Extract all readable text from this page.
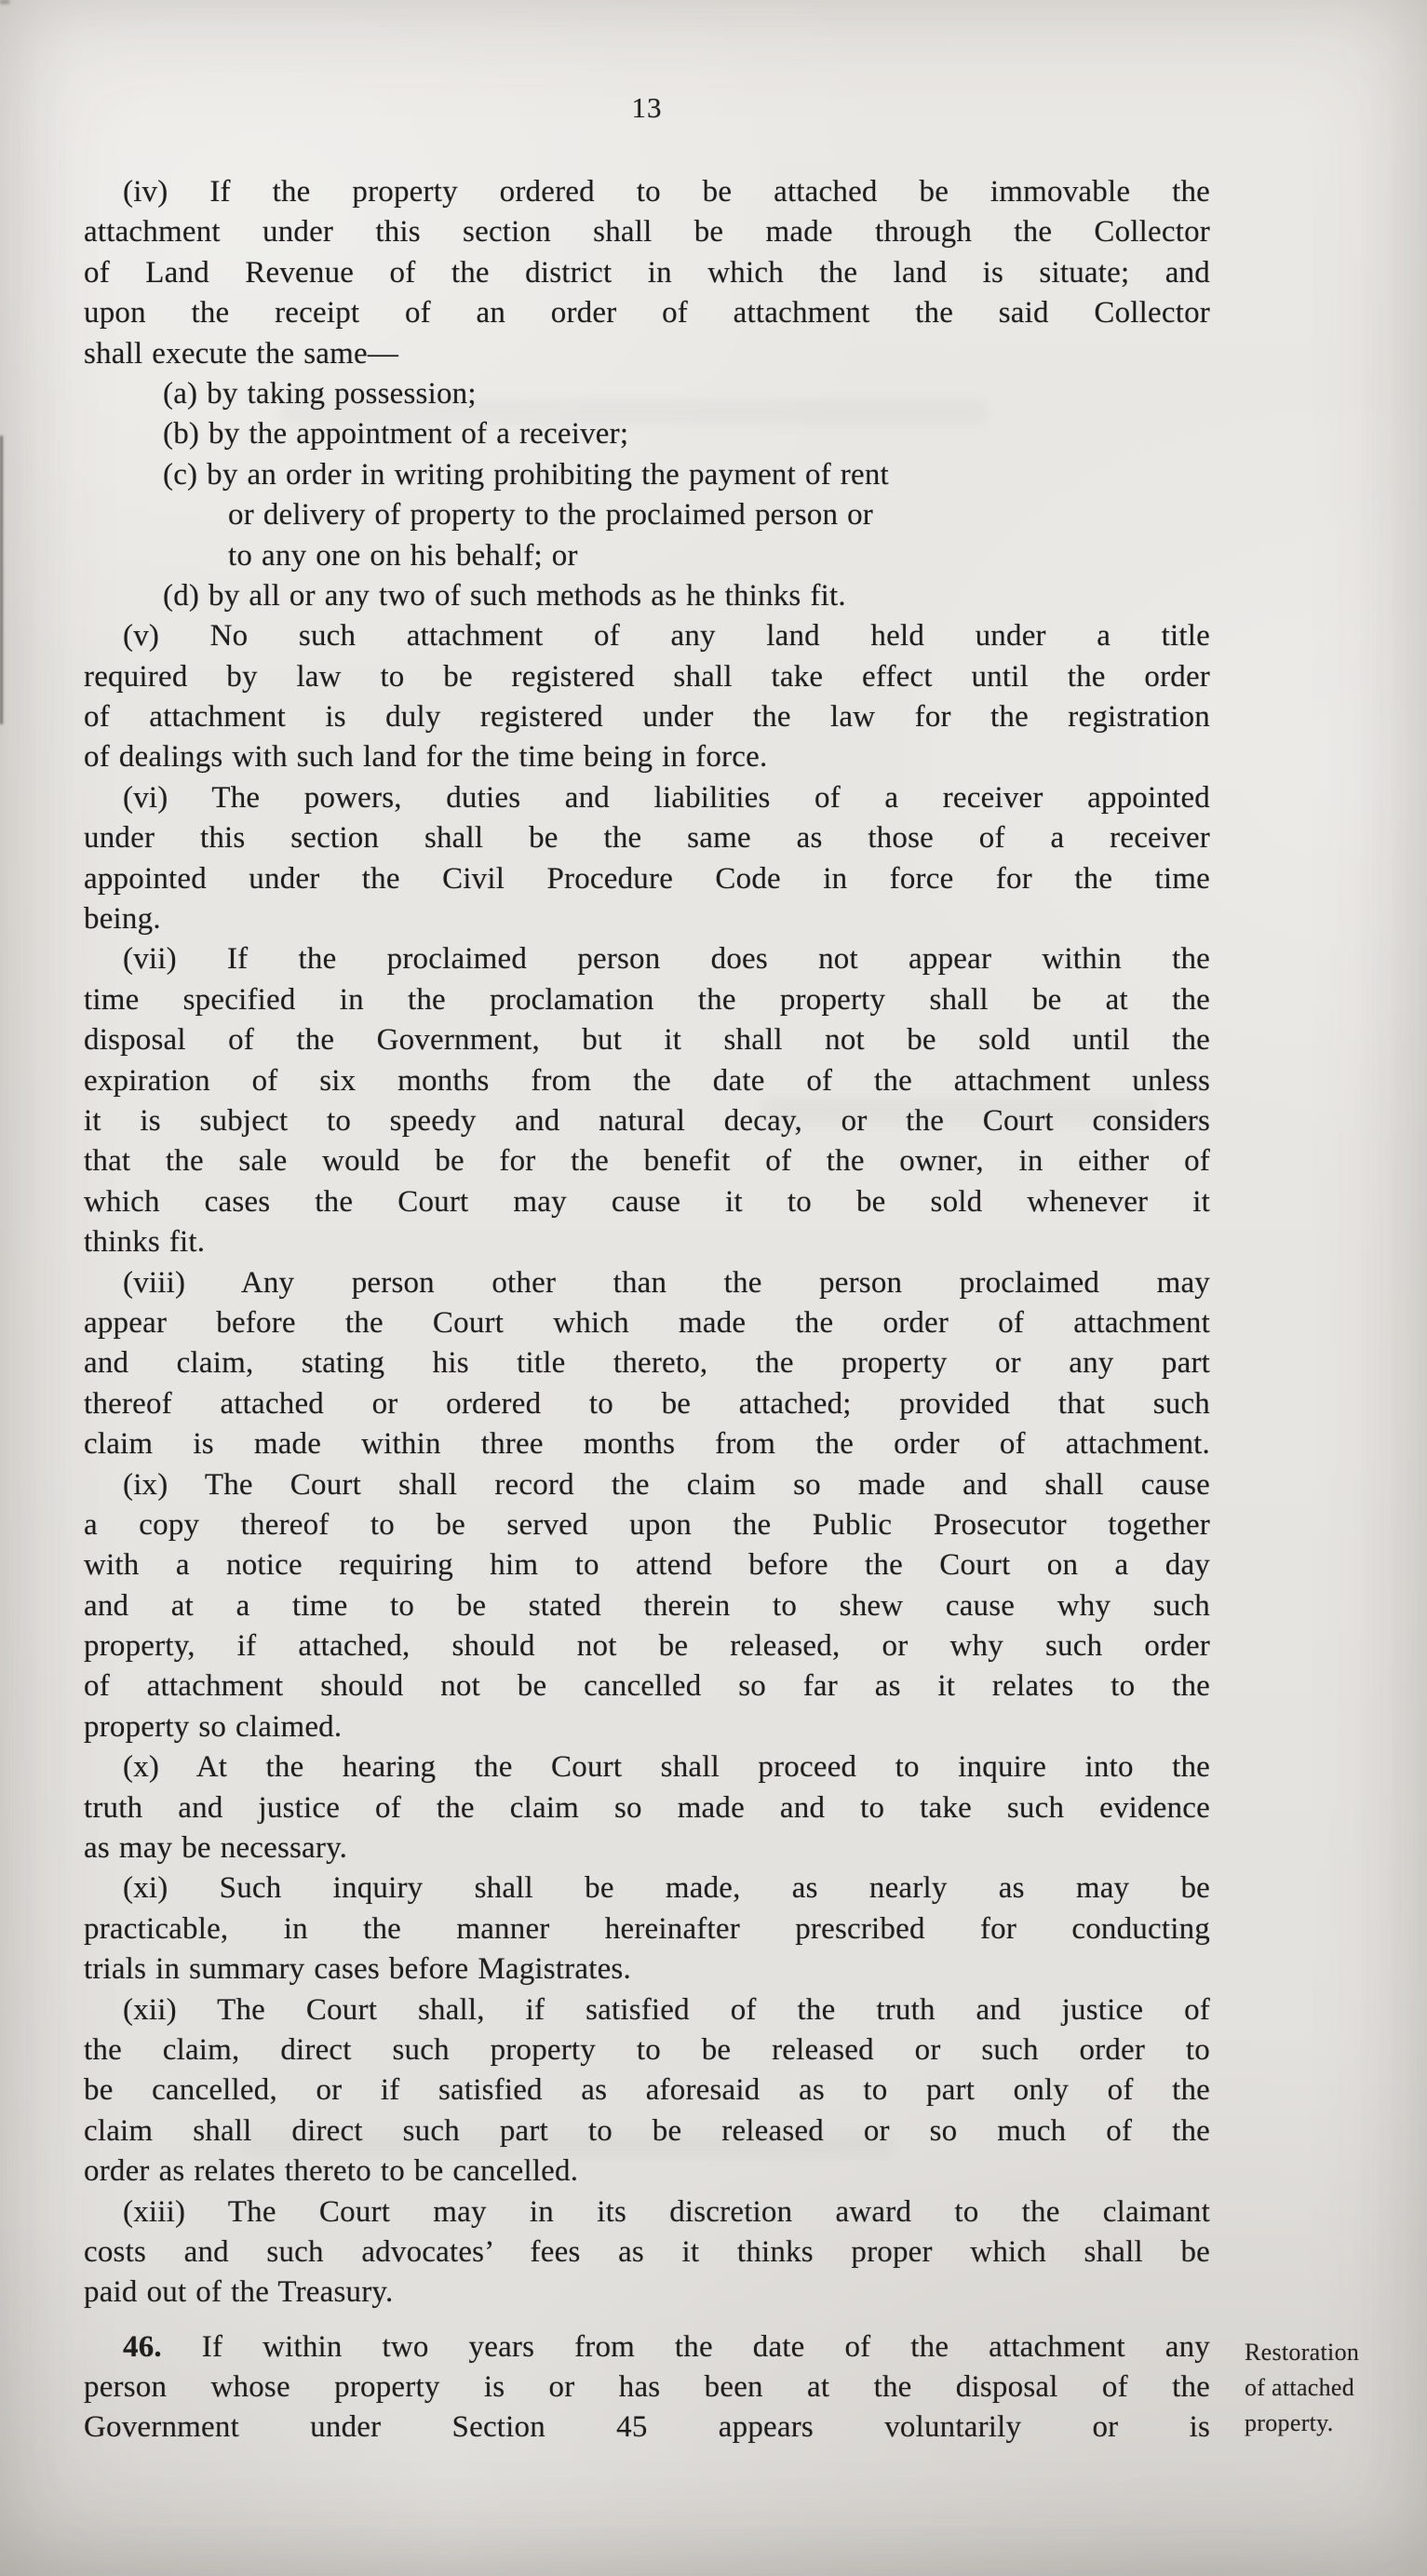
13
(iv) If the property ordered to be attached be immovable the
attachment under this section shall be made through the Collector
of Land Revenue of the district in which the land is situate; and
upon the receipt of an order of attachment the said Collector
shall execute the same—
(a) by taking possession;
(b) by the appointment of a receiver;
(c) by an order in writing prohibiting the payment of rent
or delivery of property to the proclaimed person or
to any one on his behalf; or
(d) by all or any two of such methods as he thinks fit.
(v) No such attachment of any land held under a title
required by law to be registered shall take effect until the order
of attachment is duly registered under the law for the registration
of dealings with such land for the time being in force.
(vi) The powers, duties and liabilities of a receiver appointed
under this section shall be the same as those of a receiver
appointed under the Civil Procedure Code in force for the time
being.
(vii) If the proclaimed person does not appear within the
time specified in the proclamation the property shall be at the
disposal of the Government, but it shall not be sold until the
expiration of six months from the date of the attachment unless
it is subject to speedy and natural decay, or the Court considers
that the sale would be for the benefit of the owner, in either of
which cases the Court may cause it to be sold whenever it
thinks fit.
(viii) Any person other than the person proclaimed may
appear before the Court which made the order of attachment
and claim, stating his title thereto, the property or any part
thereof attached or ordered to be attached; provided that such
claim is made within three months from the order of attachment.
(ix) The Court shall record the claim so made and shall cause
a copy thereof to be served upon the Public Prosecutor together
with a notice requiring him to attend before the Court on a day
and at a time to be stated therein to shew cause why such
property, if attached, should not be released, or why such order
of attachment should not be cancelled so far as it relates to the
property so claimed.
(x) At the hearing the Court shall proceed to inquire into the
truth and justice of the claim so made and to take such evidence
as may be necessary.
(xi) Such inquiry shall be made, as nearly as may be
practicable, in the manner hereinafter prescribed for conducting
trials in summary cases before Magistrates.
(xii) The Court shall, if satisfied of the truth and justice of
the claim, direct such property to be released or such order to
be cancelled, or if satisfied as aforesaid as to part only of the
claim shall direct such part to be released or so much of the
order as relates thereto to be cancelled.
(xiii) The Court may in its discretion award to the claimant
costs and such advocates’ fees as it thinks proper which shall be
paid out of the Treasury.
46. If within two years from the date of the attachment any
person whose property is or has been at the disposal of the
Government under Section 45 appears voluntarily or is
Restoration
of attached
property.
